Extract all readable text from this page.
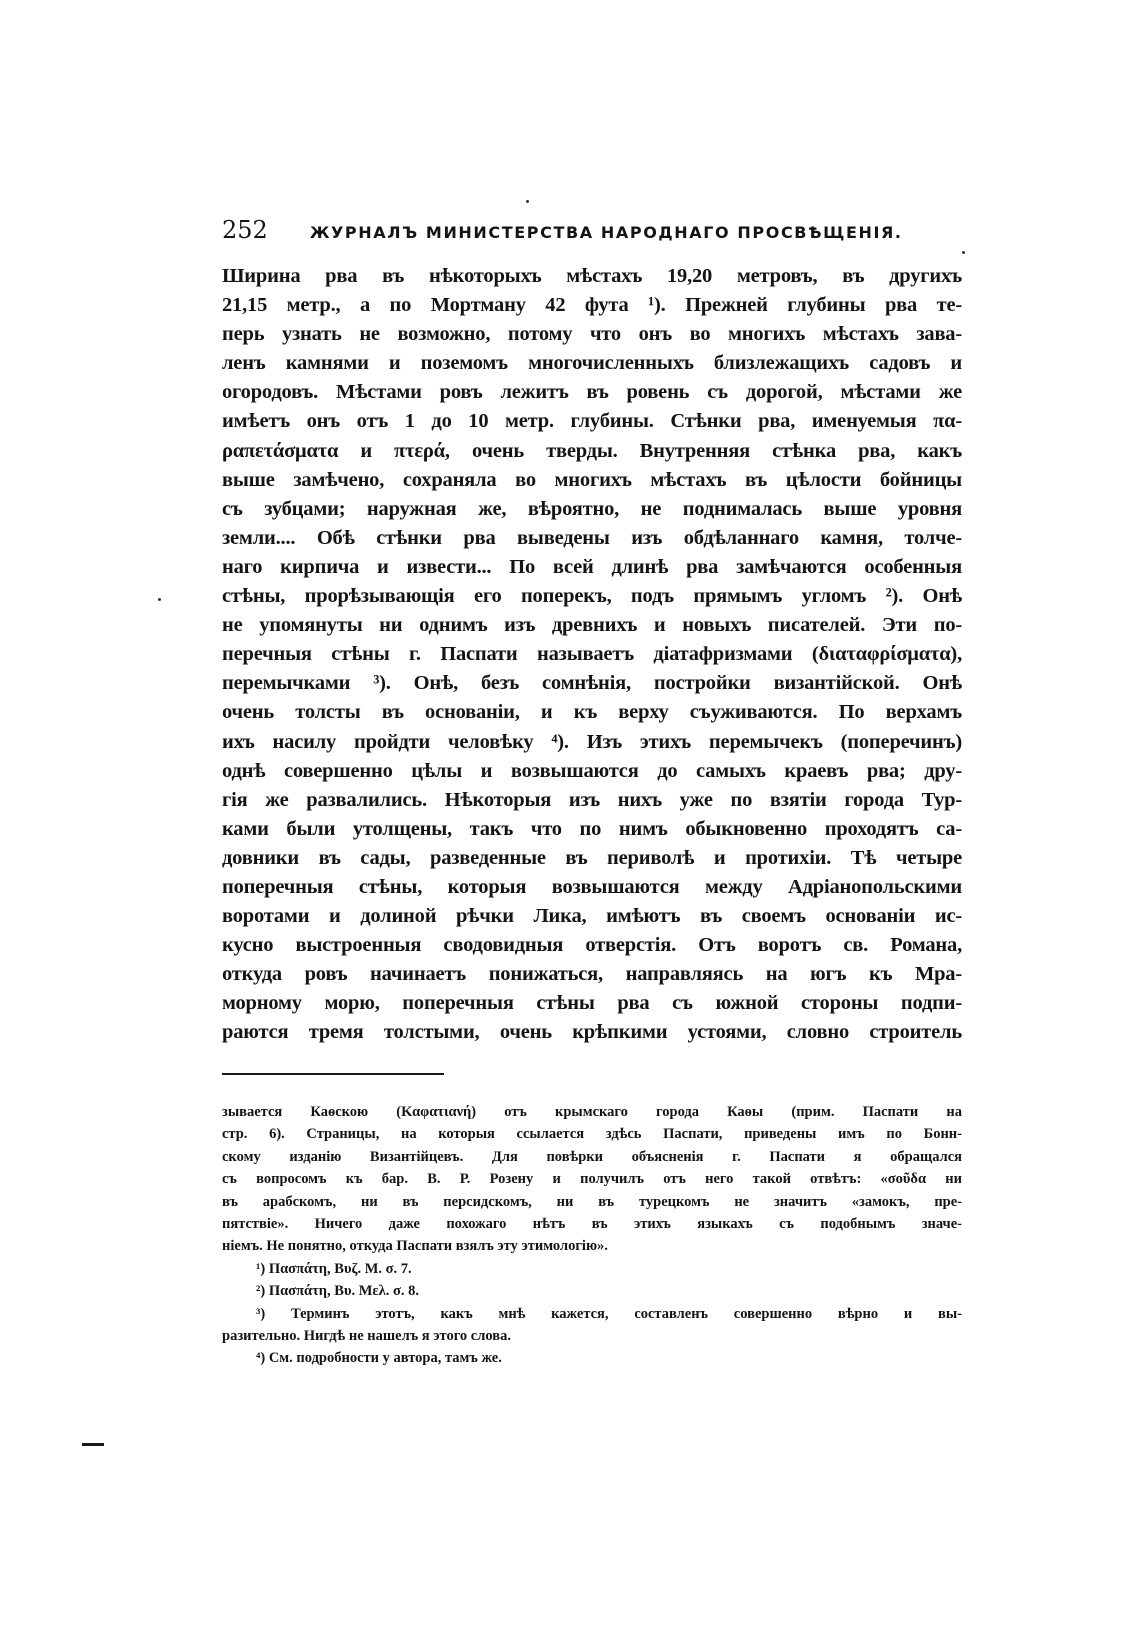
252	ЖУРНАЛЪ МИНИСТЕРСТВА НАРОДНАГО ПРОСВѢЩЕНІЯ.
Ширина рва въ нѣкоторыхъ мѣстахъ 19,20 метровъ, въ другихъ
21,15 метр., а по Мортману 42 фута ¹). Прежней глубины рва те-
перь узнать не возможно, потому что онъ во многихъ мѣстахъ зава-
ленъ камнями и поземомъ многочисленныхъ близлежащихъ садовъ и
огородовъ. Мѣстами ровъ лежитъ въ ровень съ дорогой, мѣстами же
имѣетъ онъ отъ 1 до 10 метр. глубины. Стѣнки рва, именуемыя πα-
ραπετάσματα и πτερά, очень тверды. Внутренняя стѣнка рва, какъ
выше замѣчено, сохраняла во многихъ мѣстахъ въ цѣлости бойницы
съ зубцами; наружная же, вѣроятно, не поднималась выше уровня
земли.... Обѣ стѣнки рва выведены изъ обдѣланнаго камня, толче-
наго кирпича и извести... По всей длинѣ рва замѣчаются особенныя
стѣны, прорѣзывающія его поперекъ, подъ прямымъ угломъ ²). Онѣ
не упомянуты ни однимъ изъ древнихъ и новыхъ писателей. Эти по-
перечныя стѣны г. Паспати называетъ діатафризмами (διαταφρίσματα),
перемычками ³). Онѣ, безъ сомнѣнія, постройки византійской. Онѣ
очень толсты въ основаніи, и къ верху съуживаются. По верхамъ
ихъ насилу пройдти человѣку ⁴). Изъ этихъ перемычекъ (поперечинъ)
однѣ совершенно цѣлы и возвышаются до самыхъ краевъ рва; дру-
гія же развалились. Нѣкоторыя изъ нихъ уже по взятіи города Тур-
ками были утолщены, такъ что по нимъ обыкновенно проходятъ са-
довники въ сады, разведенные въ периволѣ и протихіи. Тѣ четыре
поперечныя стѣны, которыя возвышаются между Адріанопольскими
воротами и долиной рѣчки Лика, имѣютъ въ своемъ основаніи ис-
кусно выстроенныя сводовидныя отверстія. Отъ воротъ св. Романа,
откуда ровъ начинаетъ понижаться, направляясь на югъ къ Мра-
морному морю, поперечныя стѣны рва съ южной стороны подпи-
раются тремя толстыми, очень крѣпкими устоями, словно строитель
зывается Каѳскою (Καφατιανή) отъ крымскаго города Каѳы (прим. Паспати на
стр. 6). Страницы, на которыя ссылается здѣсь Паспати, приведены имъ по Бонн-
скому изданію Византійцевъ. Для повѣрки объясненія г. Паспати я обращался
съ вопросомъ къ бар. В. Р. Розену и получилъ отъ него такой отвѣтъ: «σοῦδα ни
въ арабскомъ, ни въ персидскомъ, ни въ турецкомъ не значитъ «замокъ, пре-
пятствіе». Ничего даже похожаго нѣтъ въ этихъ языкахъ съ подобнымъ значе-
ніемъ. Не понятно, откуда Паспати взялъ эту этимологію».
¹) Πασπάτη, Βυζ. Μ. σ. 7.
²) Πασπάτη, Βυ. Μελ. σ. 8.
³) Терминъ этотъ, какъ мнѣ кажется, составленъ совершенно вѣрно и вы-
разительно. Нигдѣ не нашелъ я этого слова.
⁴) См. подробности у автора, тамъ же.
